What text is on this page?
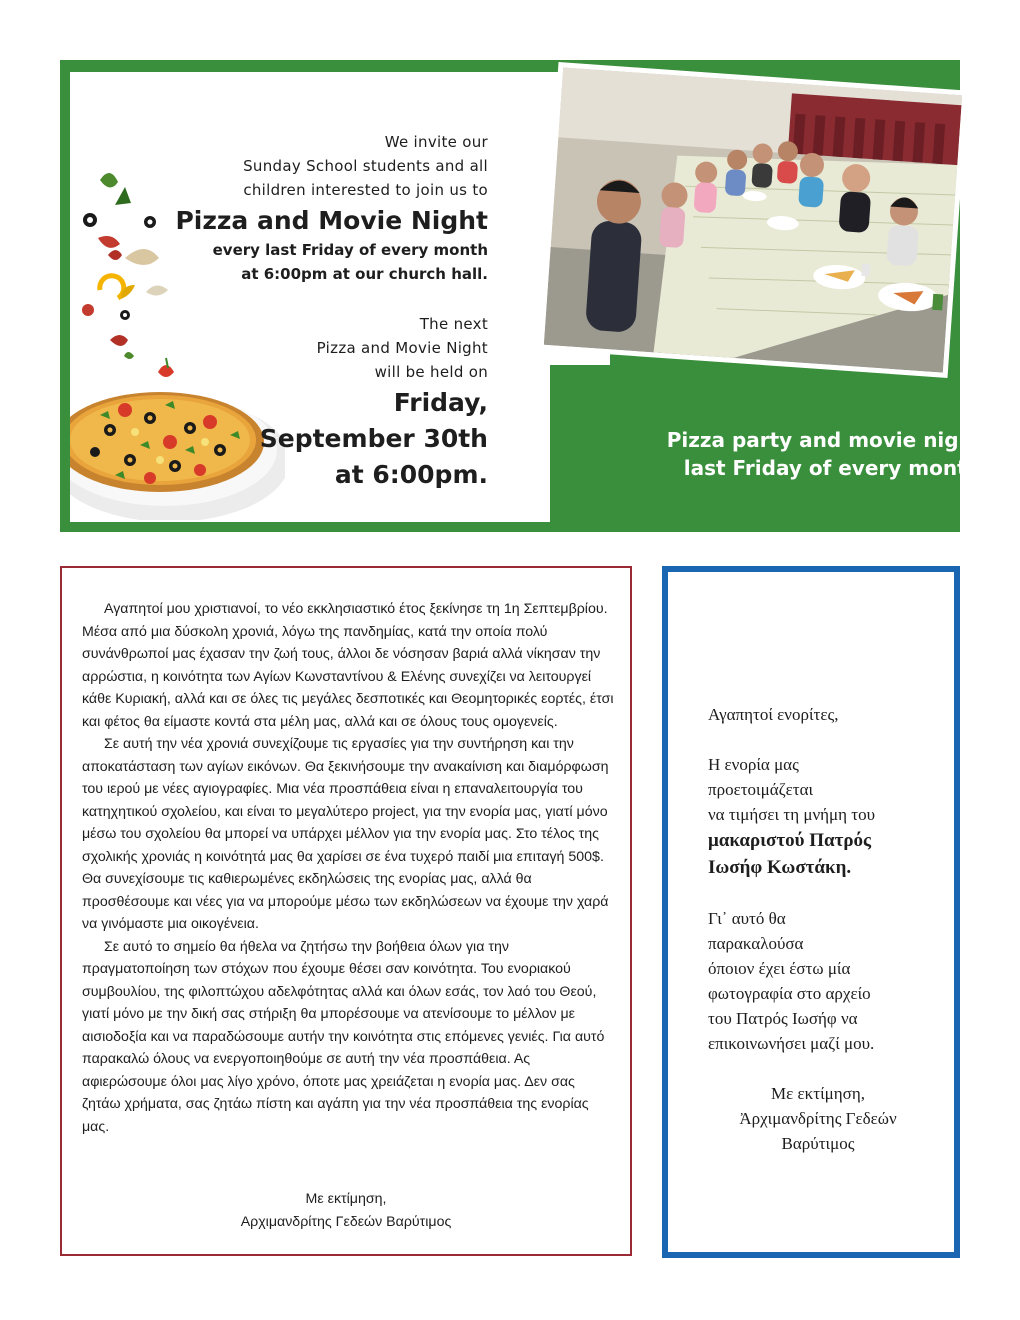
We invite our
Sunday School students and all
children interested to join us to
Pizza and Movie Night
every last Friday of every month
at 6:00pm at our church hall.
The next
Pizza and Movie Night
will be held on
Friday,
September 30th
at 6:00pm.
Pizza party and movie night,
last Friday of every month!

Αγαπητοί μου χριστιανοί, το νέο εκκλησιαστικό έτος ξεκίνησε τη 1η Σεπτεμβρίου. Μέσα από μια δύσκολη χρονιά, λόγω της πανδημίας, κατά την οποία πολύ συνάνθρωποί μας έχασαν την ζωή τους, άλλοι δε νόσησαν βαριά αλλά νίκησαν την αρρώστια, η κοινότητα των Αγίων Κωνσταντίνου & Ελένης συνεχίζει να λειτουργεί κάθε Κυριακή, αλλά και σε όλες τις μεγάλες δεσποτικές και Θεομητορικές εορτές, έτσι και φέτος θα είμαστε κοντά στα μέλη μας, αλλά και σε όλους τους ομογενείς.

Σε αυτή την νέα χρονιά συνεχίζουμε τις εργασίες για την συντήρηση και την αποκατάσταση των αγίων εικόνων. Θα ξεκινήσουμε την ανακαίνιση και διαμόρφωση του ιερού με νέες αγιογραφίες. Μια νέα προσπάθεια είναι η επαναλειτουργία του κατηχητικού σχολείου, και είναι το μεγαλύτερο project, για την ενορία μας, γιατί μόνο μέσω του σχολείου θα μπορεί να υπάρχει μέλλον για την ενορία μας. Στο τέλος της σχολικής χρονιάς η κοινότητά μας θα χαρίσει σε ένα τυχερό παιδί μια επιταγή 500$. Θα συνεχίσουμε τις καθιερωμένες εκδηλώσεις της ενορίας μας, αλλά θα προσθέσουμε και νέες για να μπορούμε μέσω των εκδηλώσεων να έχουμε την χαρά να γινόμαστε μια οικογένεια.

Σε αυτό το σημείο θα ήθελα να ζητήσω την βοήθεια όλων για την πραγματοποίηση των στόχων που έχουμε θέσει σαν κοινότητα. Του ενοριακού συμβουλίου, της φιλοπτώχου αδελφότητας αλλά και όλων εσάς, τον λαό του Θεού, γιατί μόνο με την δική σας στήριξη θα μπορέσουμε να ατενίσουμε το μέλλον με αισιοδοξία και να παραδώσουμε αυτήν την κοινότητα στις επόμενες γενιές. Για αυτό παρακαλώ όλους να ενεργοποιηθούμε σε αυτή την νέα προσπάθεια. Ας αφιερώσουμε όλοι μας λίγο χρόνο, όποτε μας χρειάζεται η ενορία μας. Δεν σας ζητάω χρήματα, σας ζητάω πίστη και αγάπη για την νέα προσπάθεια της ενορίας μας.

Με εκτίμηση,
Αρχιμανδρίτης Γεδεών Βαρύτιμος
Αγαπητοί ενορίτες,
Η ενορία μας
προετοιμάζεται
να τιμήσει τη μνήμη του
μακαριστού Πατρός
Ιωσήφ Κωστάκη.
Γι᾽ αυτό θα
παρακαλούσα
όποιον έχει έστω μία
φωτογραφία στο αρχείο
του Πατρός Ιωσήφ να
επικοινωνήσει μαζί μου.
Με εκτίμηση,
Ἀρχιμανδρίτης Γεδεών
Βαρύτιμος
